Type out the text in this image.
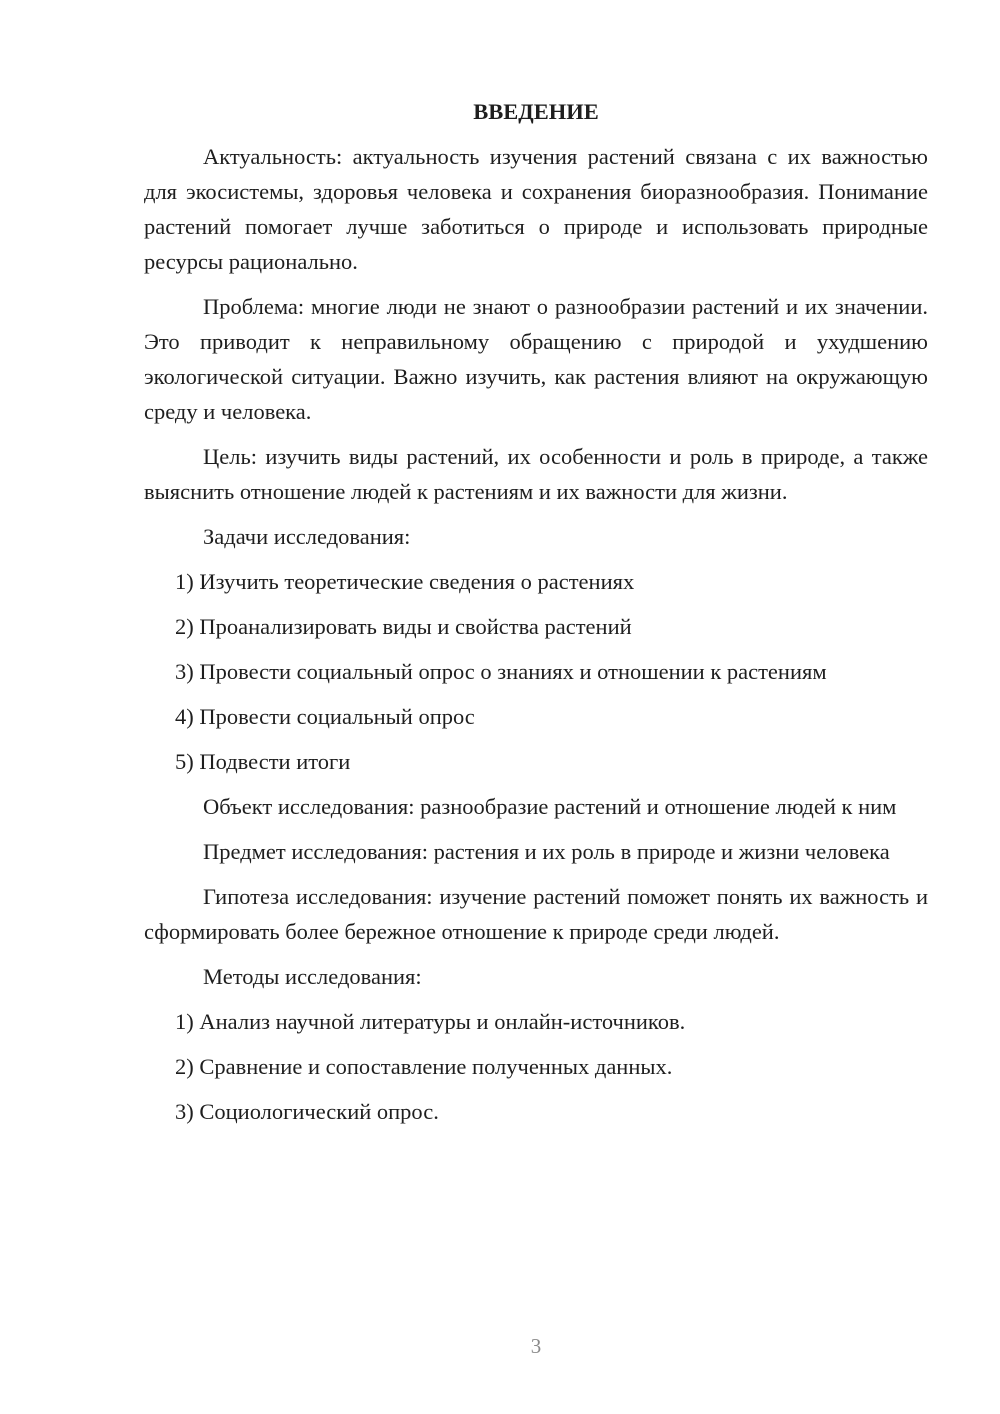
ВВЕДЕНИЕ

Актуальность: актуальность изучения растений связана с их важностью для экосистемы, здоровья человека и сохранения биоразнообразия. Понимание растений помогает лучше заботиться о природе и использовать природные ресурсы рационально.

Проблема: многие люди не знают о разнообразии растений и их значении. Это приводит к неправильному обращению с природой и ухудшению экологической ситуации. Важно изучить, как растения влияют на окружающую среду и человека.

Цель: изучить виды растений, их особенности и роль в природе, а также выяснить отношение людей к растениям и их важности для жизни.

Задачи исследования:

1) Изучить теоретические сведения о растениях
2) Проанализировать виды и свойства растений
3) Провести социальный опрос о знаниях и отношении к растениям
4) Провести социальный опрос
5) Подвести итоги

Объект исследования: разнообразие растений и отношение людей к ним

Предмет исследования: растения и их роль в природе и жизни человека

Гипотеза исследования: изучение растений поможет понять их важность и сформировать более бережное отношение к природе среди людей.

Методы исследования:

1) Анализ научной литературы и онлайн-источников.
2) Сравнение и сопоставление полученных данных.
3) Социологический опрос.
3
